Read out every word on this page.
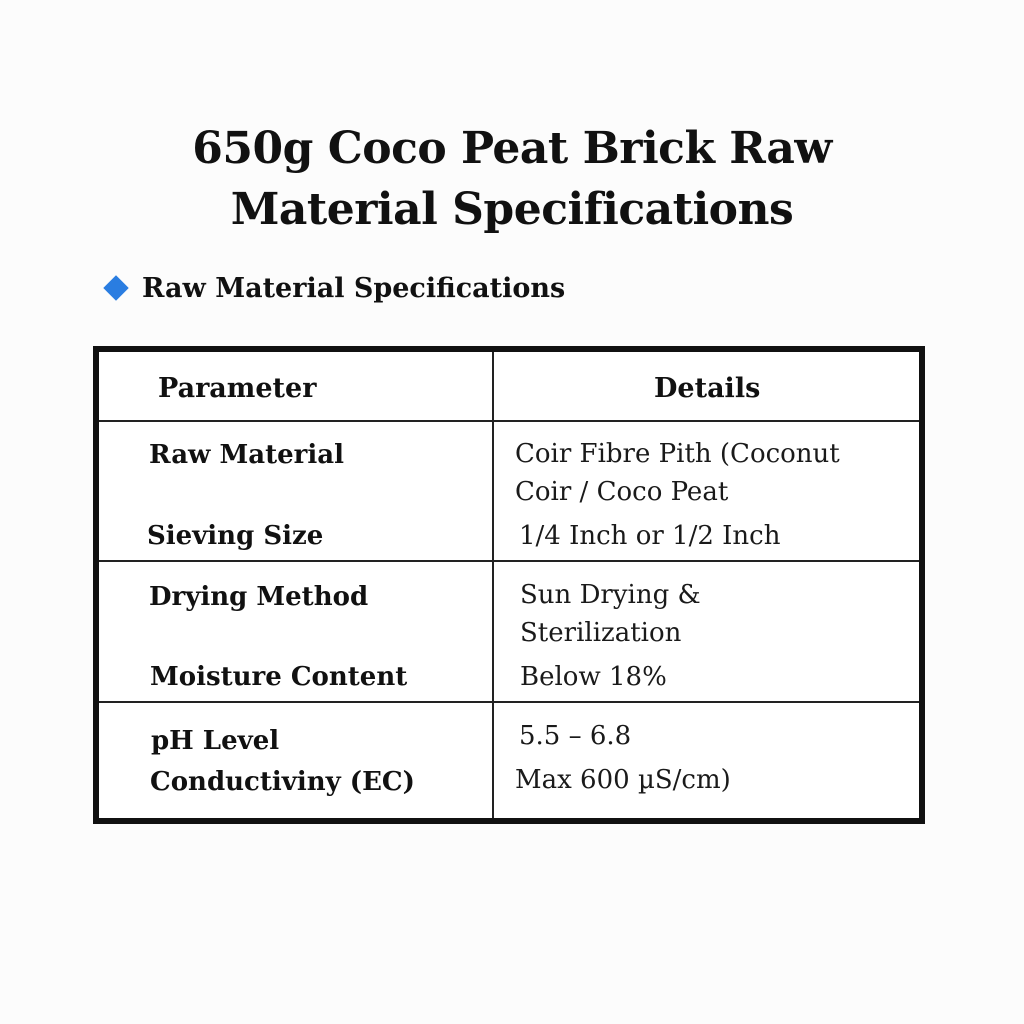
650g Coco Peat Brick Raw
Material Specifications
Raw Material Specifications
Parameter	Details
Raw Material	Coir Fibre Pith (Coconut
Coir / Coco Peat
Sieving Size	1/4 Inch or 1/2 Inch
Drying Method	Sun Drying &
Sterilization
Moisture Content	Below 18%
pH Level	5.5 – 6.8
Conductiviny (EC)	Max 600 µS/cm)
